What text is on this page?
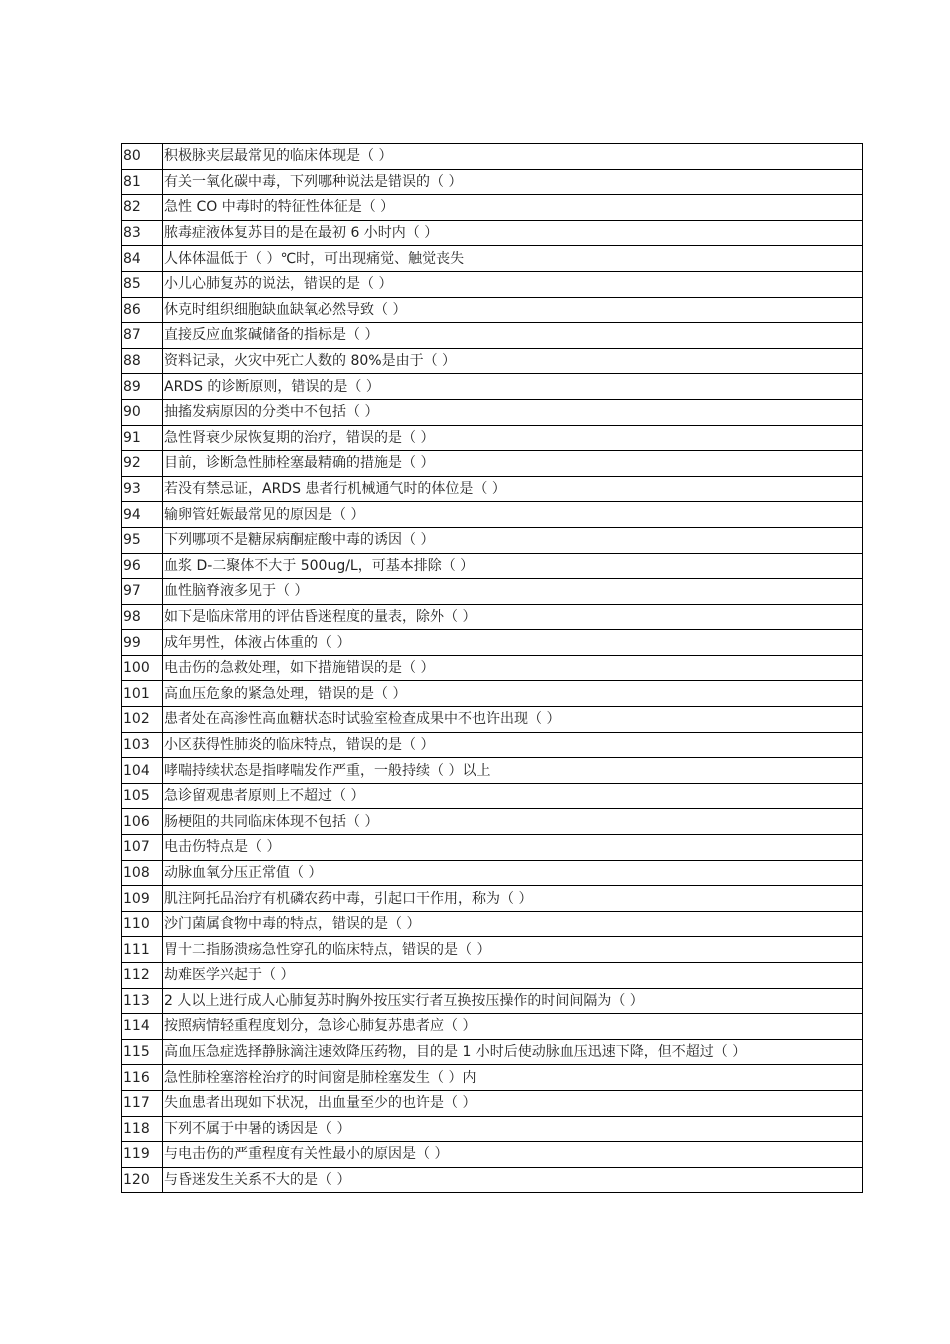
80	积极脉夹层最常见的临床体现是（ ）
81	有关一氧化碳中毒，下列哪种说法是错误的（ ）
82	急性 CO 中毒时的特征性体征是（ ）
83	脓毒症液体复苏目的是在最初 6 小时内（ ）
84	人体体温低于（ ）℃时，可出现痛觉、触觉丧失
85	小儿心肺复苏的说法，错误的是（ ）
86	休克时组织细胞缺血缺氧必然导致（ ）
87	直接反应血浆碱储备的指标是（ ）
88	资料记录，火灾中死亡人数的 80%是由于（ ）
89	ARDS 的诊断原则，错误的是（ ）
90	抽搐发病原因的分类中不包括（ ）
91	急性肾衰少尿恢复期的治疗，错误的是（ ）
92	目前，诊断急性肺栓塞最精确的措施是（ ）
93	若没有禁忌证，ARDS 患者行机械通气时的体位是（ ）
94	输卵管妊娠最常见的原因是（ ）
95	下列哪项不是糖尿病酮症酸中毒的诱因（ ）
96	血浆 D-二聚体不大于 500ug/L，可基本排除（ ）
97	血性脑脊液多见于（ ）
98	如下是临床常用的评估昏迷程度的量表，除外（ ）
99	成年男性，体液占体重的（ ）
100	电击伤的急救处理，如下措施错误的是（ ）
101	高血压危象的紧急处理，错误的是（ ）
102	患者处在高渗性高血糖状态时试验室检查成果中不也许出现（ ）
103	小区获得性肺炎的临床特点，错误的是（ ）
104	哮喘持续状态是指哮喘发作严重，一般持续（ ）以上
105	急诊留观患者原则上不超过（ ）
106	肠梗阻的共同临床体现不包括（ ）
107	电击伤特点是（ ）
108	动脉血氧分压正常值（ ）
109	肌注阿托品治疗有机磷农药中毒，引起口干作用，称为（ ）
110	沙门菌属食物中毒的特点，错误的是（ ）
111	胃十二指肠溃疡急性穿孔的临床特点，错误的是（ ）
112	劫难医学兴起于（ ）
113	2 人以上进行成人心肺复苏时胸外按压实行者互换按压操作的时间间隔为（ ）
114	按照病情轻重程度划分，急诊心肺复苏患者应（ ）
115	高血压急症选择静脉滴注速效降压药物，目的是 1 小时后使动脉血压迅速下降，但不超过（ ）
116	急性肺栓塞溶栓治疗的时间窗是肺栓塞发生（ ）内
117	失血患者出现如下状况，出血量至少的也许是（ ）
118	下列不属于中暑的诱因是（ ）
119	与电击伤的严重程度有关性最小的原因是（ ）
120	与昏迷发生关系不大的是（ ）
